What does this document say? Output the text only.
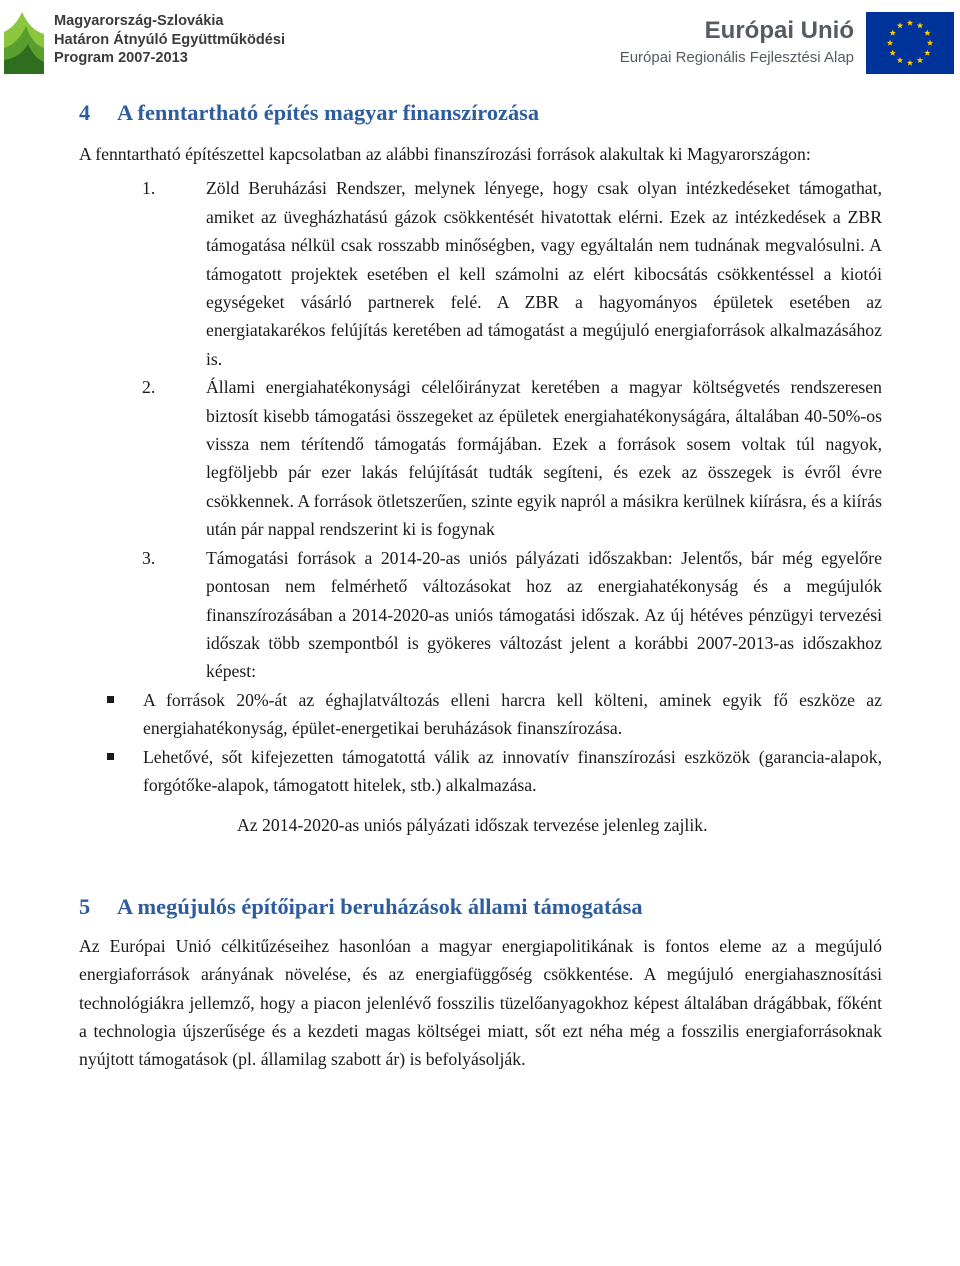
Magyarország-Szlovákia
Határon Átnyúló Együttműködési
Program 2007-2013
Európai Unió
Európai Regionális Fejlesztési Alap
4 A fenntartható építés magyar finanszírozása

A fenntartható építészettel kapcsolatban az alábbi finanszírozási források alakultak ki Magyarországon:

1.	Zöld Beruházási Rendszer, melynek lényege, hogy csak olyan intézkedéseket támogathat, amiket az üvegházhatású gázok csökkentését hivatottak elérni. Ezek az intézkedések a ZBR támogatása nélkül csak rosszabb minőségben, vagy egyáltalán nem tudnának megvalósulni. A támogatott projektek esetében el kell számolni az elért kibocsátás csökkentéssel a kiotói egységeket vásárló partnerek felé. A ZBR a hagyományos épületek esetében az energiatakarékos felújítás keretében ad támogatást a megújuló energiaforrások alkalmazásához is.
2.	Állami energiahatékonysági célelőirányzat keretében a magyar költségvetés rendszeresen biztosít kisebb támogatási összegeket az épületek energiahatékonyságára, általában 40-50%-os vissza nem térítendő támogatás formájában. Ezek a források sosem voltak túl nagyok, legföljebb pár ezer lakás felújítását tudták segíteni, és ezek az összegek is évről évre csökkennek. A források ötletszerűen, szinte egyik napról a másikra kerülnek kiírásra, és a kiírás után pár nappal rendszerint ki is fogynak
3.	Támogatási források a 2014-20-as uniós pályázati időszakban: Jelentős, bár még egyelőre pontosan nem felmérhető változásokat hoz az energiahatékonyság és a megújulók finanszírozásában a 2014-2020-as uniós támogatási időszak. Az új hétéves pénzügyi tervezési időszak több szempontból is gyökeres változást jelent a korábbi 2007-2013-as időszakhoz képest:
A források 20%-át az éghajlatváltozás elleni harcra kell költeni, aminek egyik fő eszköze az energiahatékonyság, épület-energetikai beruházások finanszírozása.
Lehetővé, sőt kifejezetten támogatottá válik az innovatív finanszírozási eszközök (garancia-alapok, forgótőke-alapok, támogatott hitelek, stb.) alkalmazása.
Az 2014-2020-as uniós pályázati időszak tervezése jelenleg zajlik.
5 A megújulós építőipari beruházások állami támogatása

Az Európai Unió célkitűzéseihez hasonlóan a magyar energiapolitikának is fontos eleme az a megújuló energiaforrások arányának növelése, és az energiafüggőség csökkentése. A megújuló energiahasznosítási technológiákra jellemző, hogy a piacon jelenlévő fosszilis tüzelőanyagokhoz képest általában drágábbak, főként a technologia újszerűsége és a kezdeti magas költségei miatt, sőt ezt néha még a fosszilis energiaforrásoknak nyújtott támogatások (pl. államilag szabott ár) is befolyásolják.
